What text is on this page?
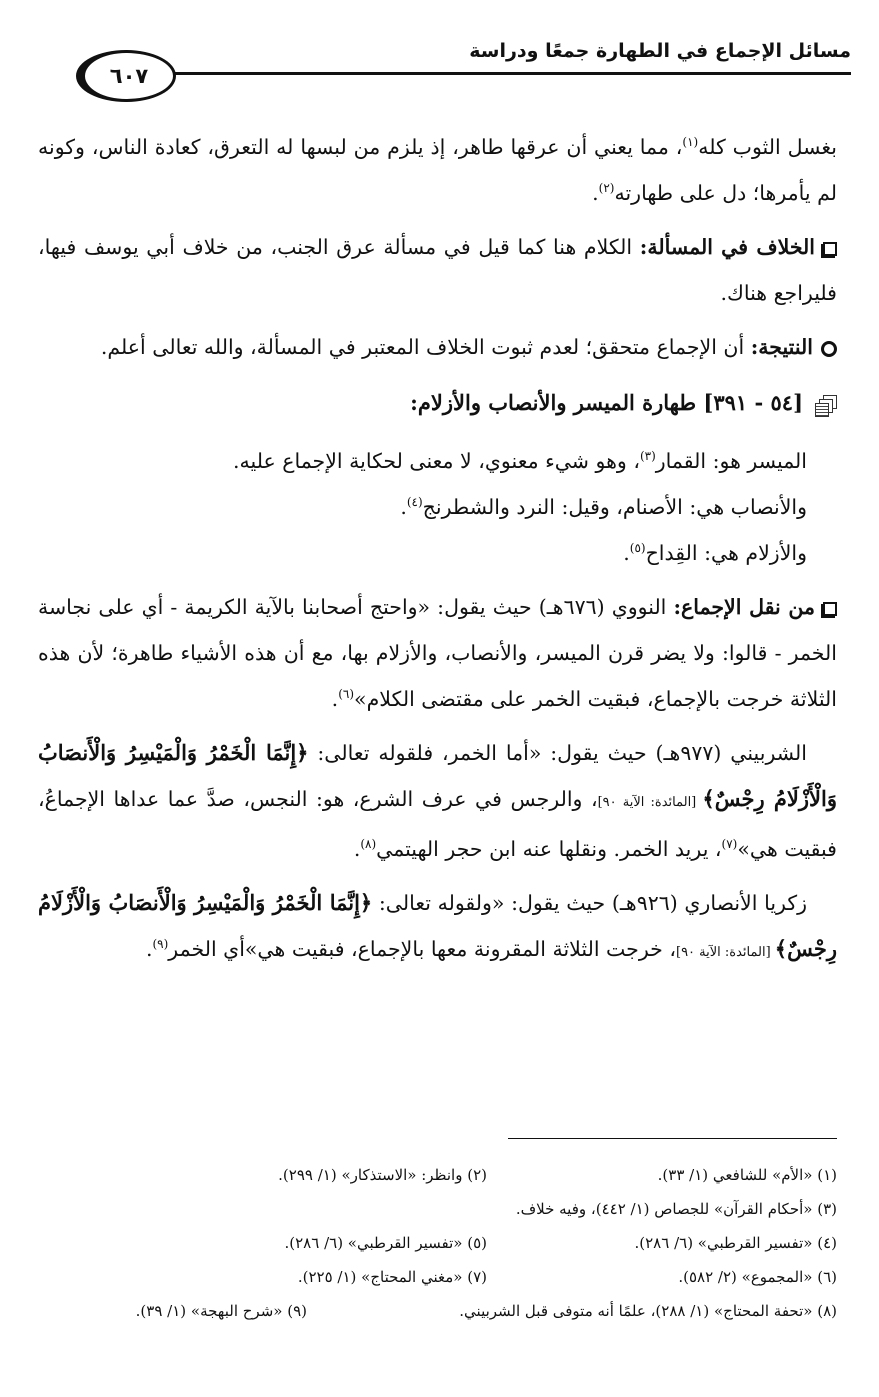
مسائل الإجماع في الطهارة جمعًا ودراسة
٦٠٧

بغسل الثوب كله$^{(١)}$، مما يعني أن عرقها طاهر، إذ يلزم من لبسها له التعرق، كعادة الناس، وكونه لم يأمرها؛ دل على طهارته$^{(٢)}$.

الخلاف في المسألة: الكلام هنا كما قيل في مسألة عرق الجنب، من خلاف أبي يوسف فيها، فليراجع هناك.

النتيجة: أن الإجماع متحقق؛ لعدم ثبوت الخلاف المعتبر في المسألة، والله تعالى أعلم.

[٥٤ - ٣٩١] طهارة الميسر والأنصاب والأزلام:

الميسر هو: القمار$^{(٣)}$، وهو شيء معنوي، لا معنى لحكاية الإجماع عليه.

والأنصاب هي: الأصنام، وقيل: النرد والشطرنج$^{(٤)}$.

والأزلام هي: القِداح$^{(٥)}$.

من نقل الإجماع: النووي (٦٧٦هـ) حيث يقول: «واحتج أصحابنا بالآية الكريمة - أي على نجاسة الخمر - قالوا: ولا يضر قرن الميسر، والأنصاب، والأزلام بها، مع أن هذه الأشياء طاهرة؛ لأن هذه الثلاثة خرجت بالإجماع، فبقيت الخمر على مقتضى الكلام»$^{(٦)}$.

الشربيني (٩٧٧هـ) حيث يقول: «أما الخمر، فلقوله تعالى: ﴿إِنَّمَا الْخَمْرُ وَالْمَيْسِرُ وَالْأَنصَابُ وَالْأَزْلَامُ رِجْسٌ﴾ [المائدة: الآية ٩٠]، والرجس في عرف الشرع، هو: النجس، صدَّ عما عداها الإجماعُ، فبقيت هي»$^{(٧)}$، يريد الخمر. ونقلها عنه ابن حجر الهيتمي$^{(٨)}$.

زكريا الأنصاري (٩٢٦هـ) حيث يقول: «ولقوله تعالى: ﴿إِنَّمَا الْخَمْرُ وَالْمَيْسِرُ وَالْأَنصَابُ وَالْأَزْلَامُ رِجْسٌ﴾ [المائدة: الآية ٩٠]، خرجت الثلاثة المقرونة معها بالإجماع، فبقيت هي»أي الخمر$^{(٩)}$.

(١) «الأم» للشافعي (١/ ٣٣).
(٢) وانظر: «الاستذكار» (١/ ٢٩٩).
(٣) «أحكام القرآن» للجصاص (١/ ٤٤٢)، وفيه خلاف.
(٤) «تفسير القرطبي» (٦/ ٢٨٦).
(٥) «تفسير القرطبي» (٦/ ٢٨٦).
(٦) «المجموع» (٢/ ٥٨٢).
(٧) «مغني المحتاج» (١/ ٢٢٥).
(٨) «تحفة المحتاج» (١/ ٢٨٨)، علمًا أنه متوفى قبل الشربيني.
(٩) «شرح البهجة» (١/ ٣٩).
